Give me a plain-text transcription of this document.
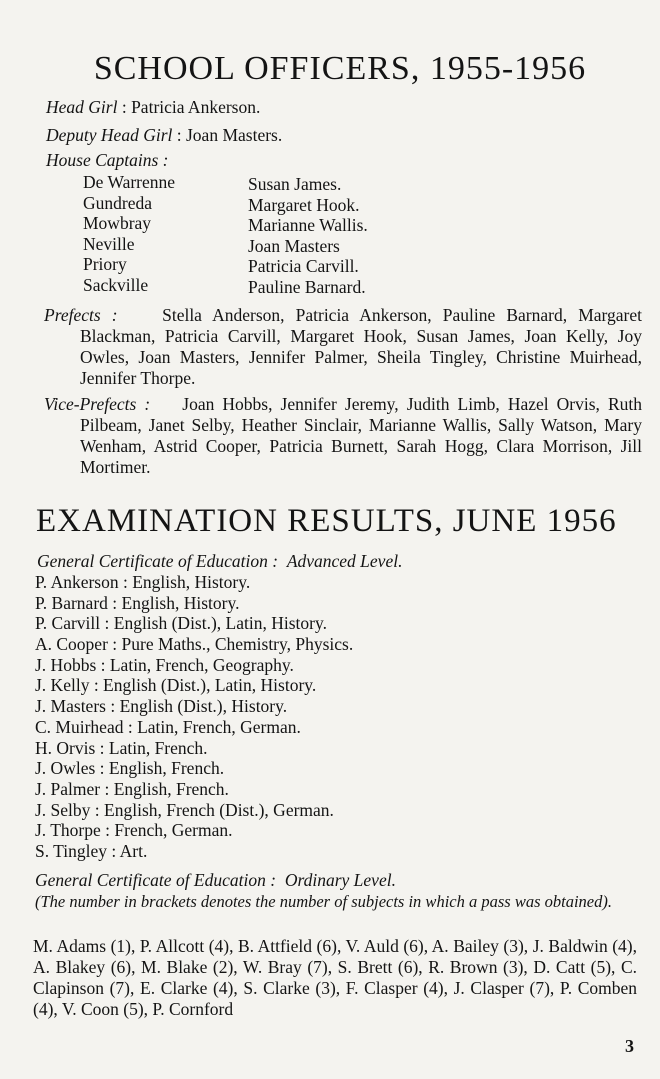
SCHOOL OFFICERS, 1955-1956
Head Girl : Patricia Ankerson.
Deputy Head Girl : Joan Masters.
House Captains :
De Warrenne
Gundreda
Mowbray
Neville
Priory
Sackville
Susan James.
Margaret Hook.
Marianne Wallis.
Joan Masters
Patricia Carvill.
Pauline Barnard.
Prefects :	Stella Anderson, Patricia Ankerson, Pauline Barnard, Margaret Blackman, Patricia Carvill, Margaret Hook, Susan James, Joan Kelly, Joy Owles, Joan Masters, Jennifer Palmer, Sheila Tingley, Christine Muirhead, Jennifer Thorpe.
Vice-Prefects : Joan Hobbs, Jennifer Jeremy, Judith Limb, Hazel Orvis, Ruth Pilbeam, Janet Selby, Heather Sinclair, Marianne Wallis, Sally Watson, Mary Wenham, Astrid Cooper, Patricia Burnett, Sarah Hogg, Clara Morrison, Jill Mortimer.
EXAMINATION RESULTS, JUNE 1956
General Certificate of Education : Advanced Level.
P. Ankerson : English, History.
P. Barnard : English, History.
P. Carvill : English (Dist.), Latin, History.
A. Cooper : Pure Maths., Chemistry, Physics.
J. Hobbs : Latin, French, Geography.
J. Kelly : English (Dist.), Latin, History.
J. Masters : English (Dist.), History.
C. Muirhead : Latin, French, German.
H. Orvis : Latin, French.
J. Owles : English, French.
J. Palmer : English, French.
J. Selby : English, French (Dist.), German.
J. Thorpe : French, German.
S. Tingley : Art.
General Certificate of Education : Ordinary Level.
(The number in brackets denotes the number of subjects in which a pass was obtained).
M. Adams (1), P. Allcott (4), B. Attfield (6), V. Auld (6), A. Bailey (3), J. Baldwin (4), A. Blakey (6), M. Blake (2), W. Bray (7), S. Brett (6), R. Brown (3), D. Catt (5), C. Clapinson (7), E. Clarke (4), S. Clarke (3), F. Clasper (4), J. Clasper (7), P. Comben (4), V. Coon (5), P. Cornford
3
